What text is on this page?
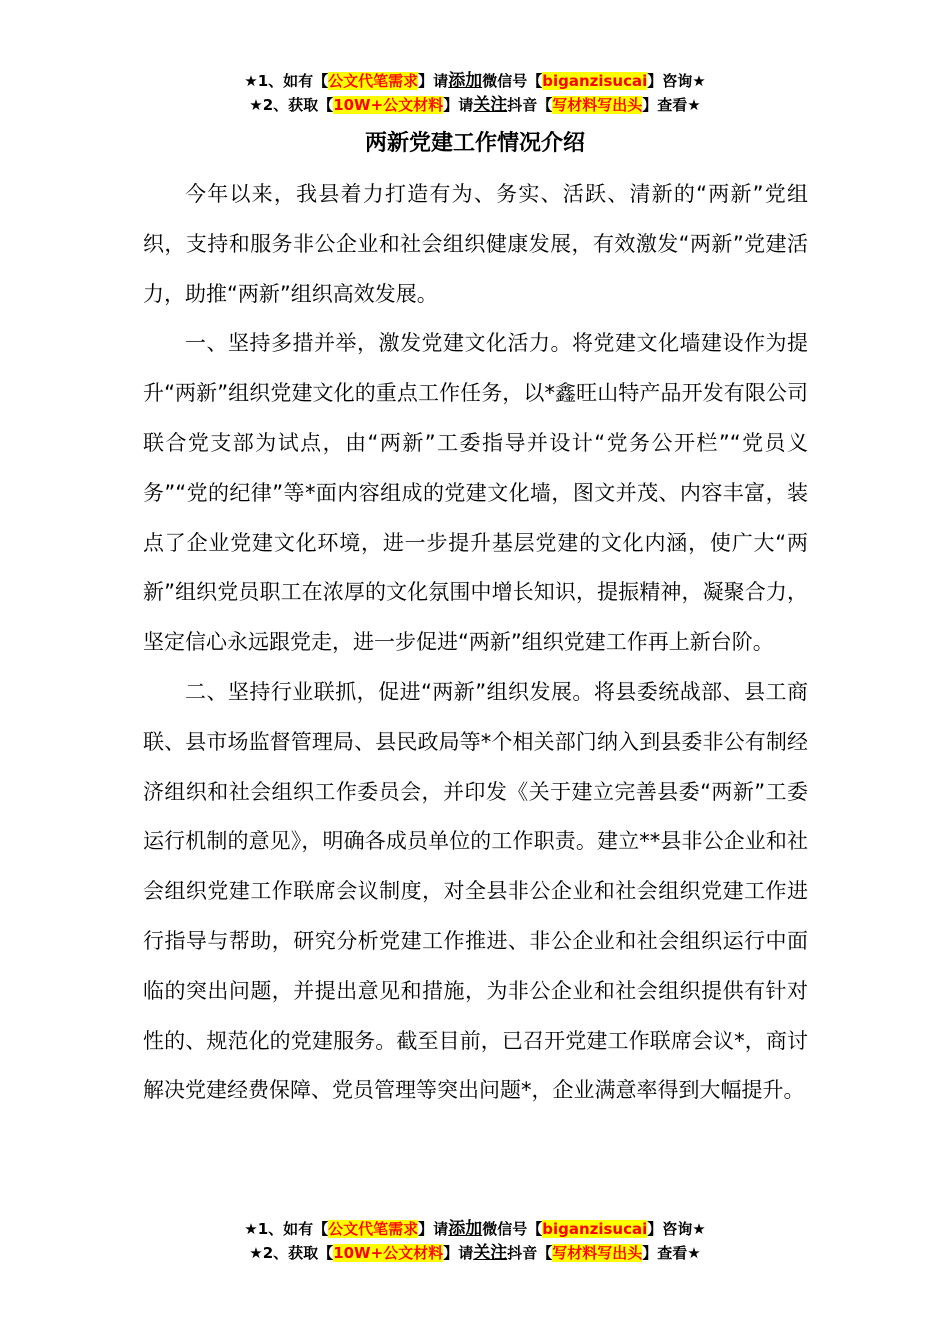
★1、如有【公文代笔需求】请添加微信号【biganzisucai】咨询★
★2、获取【10W+公文材料】请关注抖音【写材料写出头】查看★
两新党建工作情况介绍

今年以来，我县着力打造有为、务实、活跃、清新的“两新”党组织，支持和服务非公企业和社会组织健康发展，有效激发“两新”党建活力，助推“两新”组织高效发展。

一、坚持多措并举，激发党建文化活力。将党建文化墙建设作为提升“两新”组织党建文化的重点工作任务，以*鑫旺山特产品开发有限公司联合党支部为试点，由“两新”工委指导并设计“党务公开栏”“党员义务”“党的纪律”等*面内容组成的党建文化墙，图文并茂、内容丰富，装点了企业党建文化环境，进一步提升基层党建的文化内涵，使广大“两新”组织党员职工在浓厚的文化氛围中增长知识，提振精神，凝聚合力，坚定信心永远跟党走，进一步促进“两新”组织党建工作再上新台阶。

二、坚持行业联抓，促进“两新”组织发展。将县委统战部、县工商联、县市场监督管理局、县民政局等*个相关部门纳入到县委非公有制经济组织和社会组织工作委员会，并印发《关于建立完善县委“两新”工委运行机制的意见》，明确各成员单位的工作职责。建立**县非公企业和社会组织党建工作联席会议制度，对全县非公企业和社会组织党建工作进行指导与帮助，研究分析党建工作推进、非公企业和社会组织运行中面临的突出问题，并提出意见和措施，为非公企业和社会组织提供有针对性的、规范化的党建服务。截至目前，已召开党建工作联席会议*，商讨解决党建经费保障、党员管理等突出问题*，企业满意率得到大幅提升。

★1、如有【公文代笔需求】请添加微信号【biganzisucai】咨询★
★2、获取【10W+公文材料】请关注抖音【写材料写出头】查看★
